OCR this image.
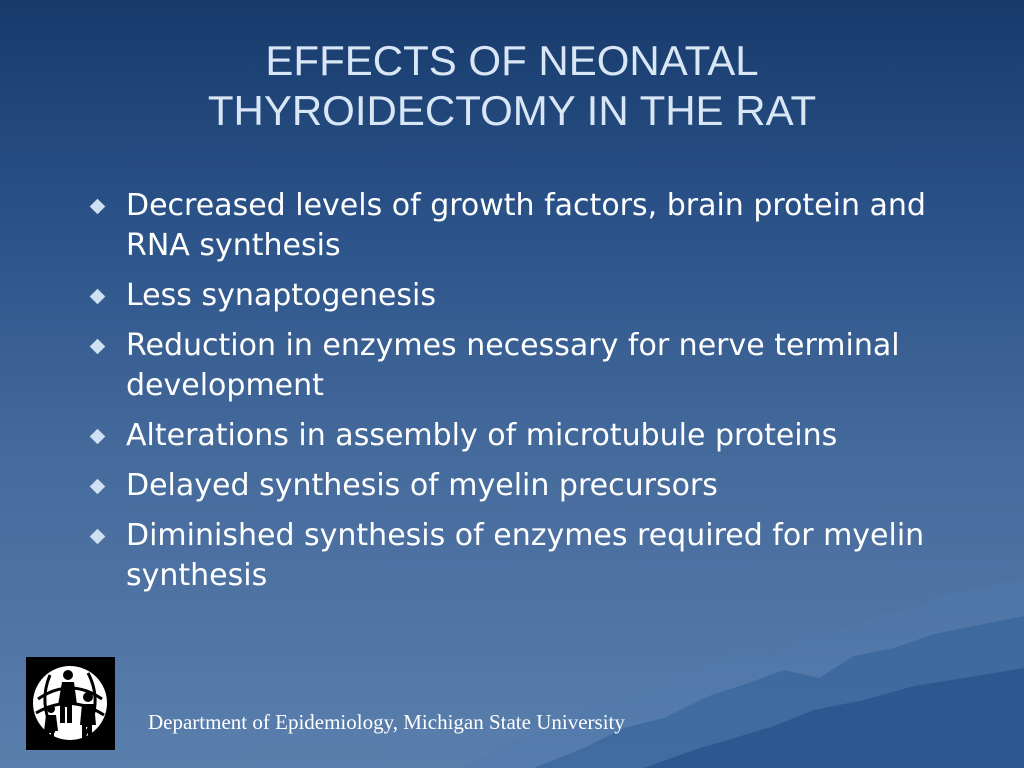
EFFECTS OF NEONATAL
THYROIDECTOMY IN THE RAT
Decreased levels of growth factors, brain protein and RNA synthesis
Less synaptogenesis
Reduction in enzymes necessary for nerve terminal development
Alterations in assembly of microtubule proteins
Delayed synthesis of myelin precursors
Diminished synthesis of enzymes required for myelin synthesis
Department of Epidemiology, Michigan State University
